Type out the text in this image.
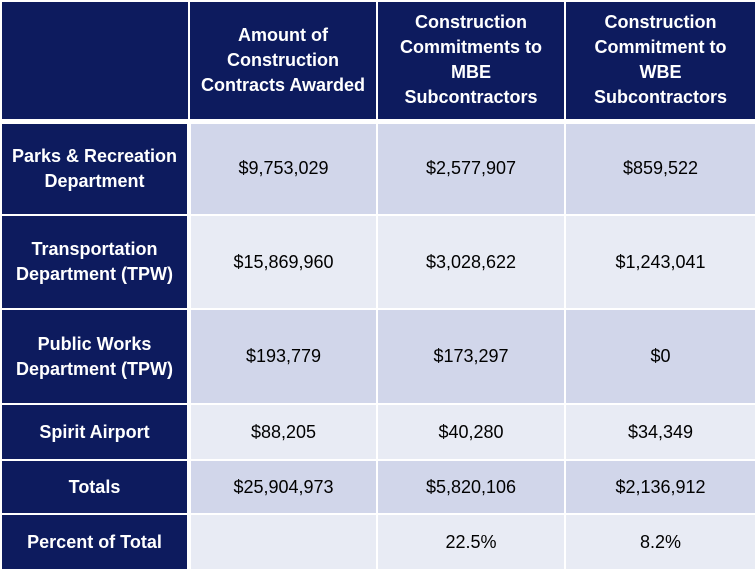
	Amount of Construction Contracts Awarded	Construction Commitments to MBE Subcontractors	Construction Commitment to WBE Subcontractors
Parks & Recreation Department	$9,753,029	$2,577,907	$859,522
Transportation Department (TPW)	$15,869,960	$3,028,622	$1,243,041
Public Works Department (TPW)	$193,779	$173,297	$0
Spirit Airport	$88,205	$40,280	$34,349
Totals	$25,904,973	$5,820,106	$2,136,912
Percent of Total		22.5%	8.2%
